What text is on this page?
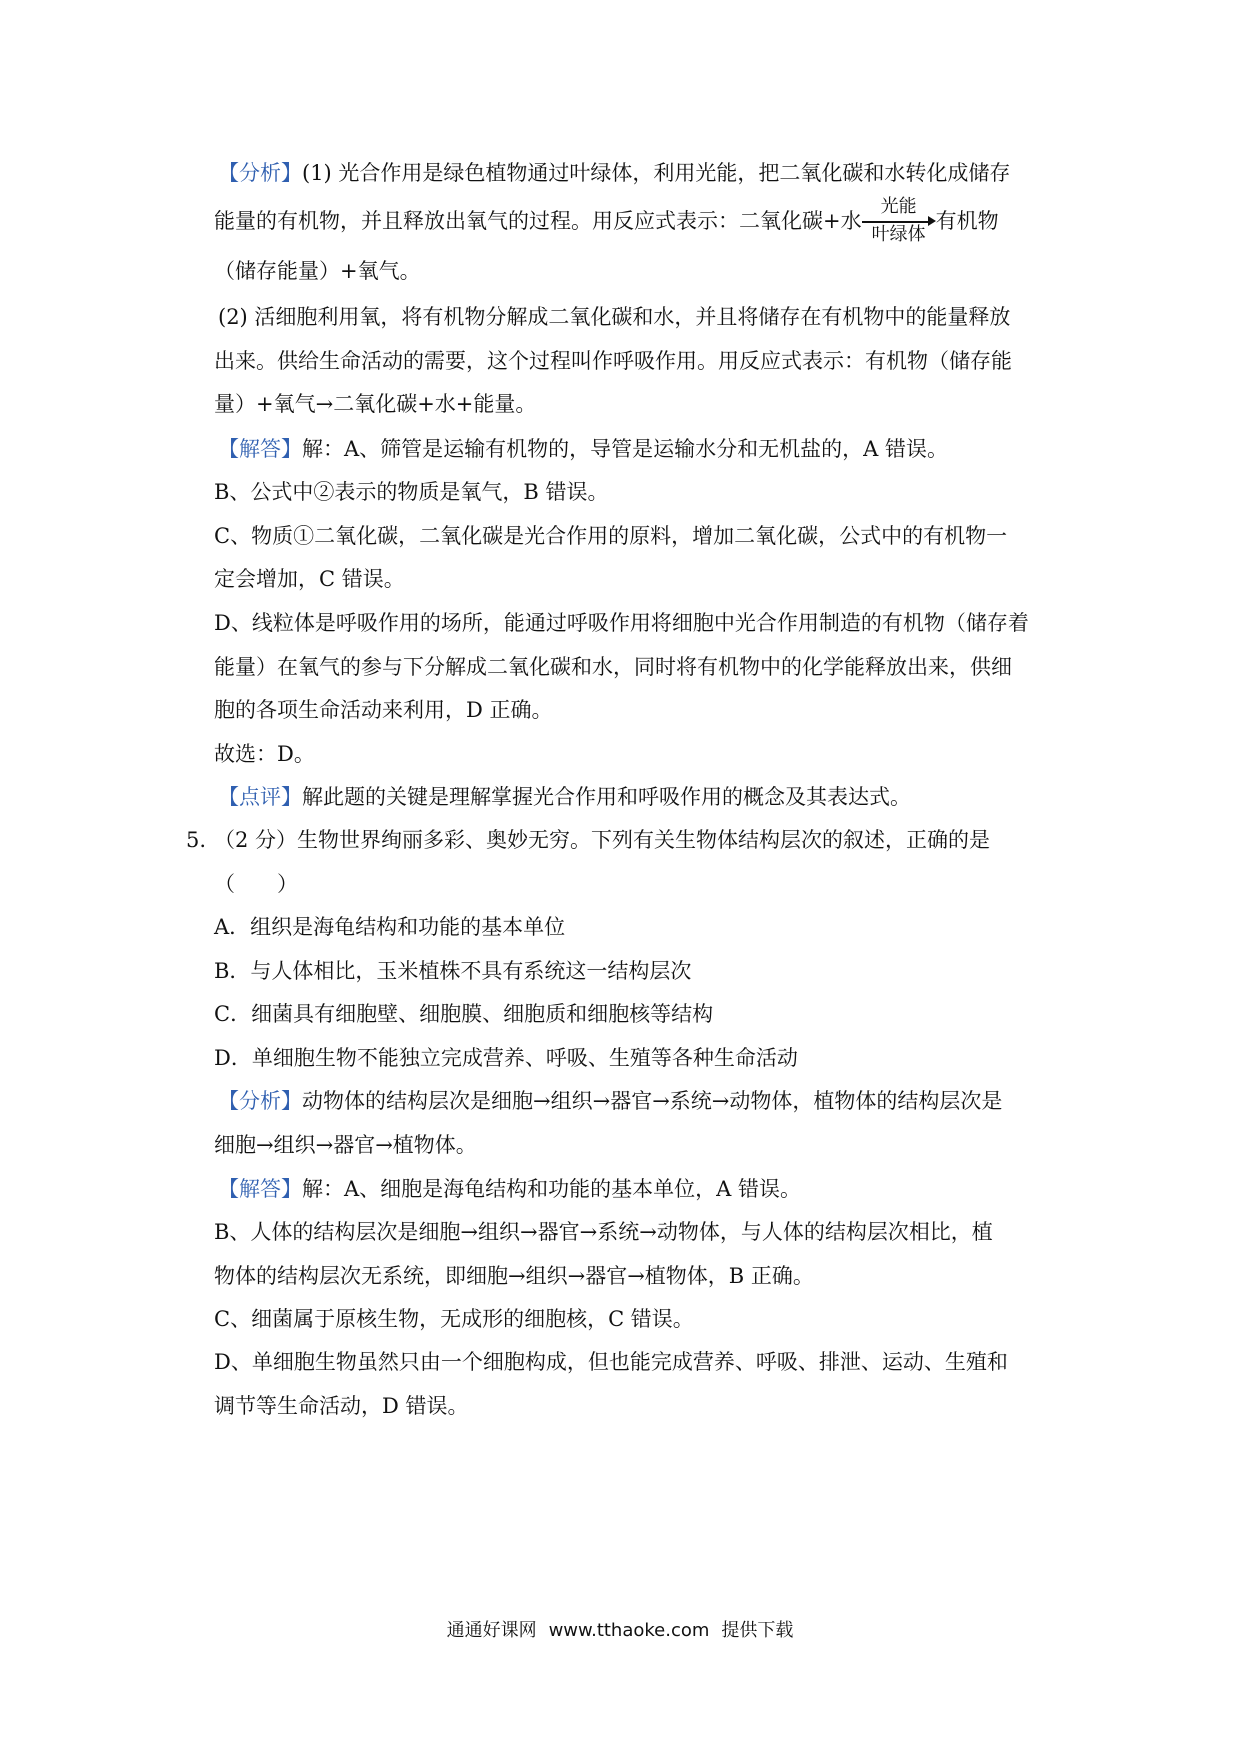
【分析】(1) 光合作用是绿色植物通过叶绿体，利用光能，把二氧化碳和水转化成储存
能量的有机物，并且释放出氧气的过程。用反应式表示：二氧化碳+水
光能
叶绿体
有机物
（储存能量）+氧气。
(2) 活细胞利用氧，将有机物分解成二氧化碳和水，并且将储存在有机物中的能量释放
出来。供给生命活动的需要，这个过程叫作呼吸作用。用反应式表示：有机物（储存能
量）+氧气→二氧化碳+水+能量。
【解答】解：A、筛管是运输有机物的，导管是运输水分和无机盐的，A 错误。
B、公式中②表示的物质是氧气，B 错误。
C、物质①二氧化碳，二氧化碳是光合作用的原料，增加二氧化碳，公式中的有机物一
定会增加，C 错误。
D、线粒体是呼吸作用的场所，能通过呼吸作用将细胞中光合作用制造的有机物（储存着
能量）在氧气的参与下分解成二氧化碳和水，同时将有机物中的化学能释放出来，供细
胞的各项生命活动来利用，D 正确。
故选：D。
【点评】解此题的关键是理解掌握光合作用和呼吸作用的概念及其表达式。
5. （2 分）生物世界绚丽多彩、奥妙无穷。下列有关生物体结构层次的叙述，正确的是
（　　）
A．组织是海龟结构和功能的基本单位
B．与人体相比，玉米植株不具有系统这一结构层次
C．细菌具有细胞壁、细胞膜、细胞质和细胞核等结构
D．单细胞生物不能独立完成营养、呼吸、生殖等各种生命活动
【分析】动物体的结构层次是细胞→组织→器官→系统→动物体，植物体的结构层次是
细胞→组织→器官→植物体。
【解答】解：A、细胞是海龟结构和功能的基本单位，A 错误。
B、人体的结构层次是细胞→组织→器官→系统→动物体，与人体的结构层次相比，植
物体的结构层次无系统，即细胞→组织→器官→植物体，B 正确。
C、细菌属于原核生物，无成形的细胞核，C 错误。
D、单细胞生物虽然只由一个细胞构成，但也能完成营养、呼吸、排泄、运动、生殖和
调节等生命活动，D 错误。
通通好课网 www.tthaoke.com 提供下载
